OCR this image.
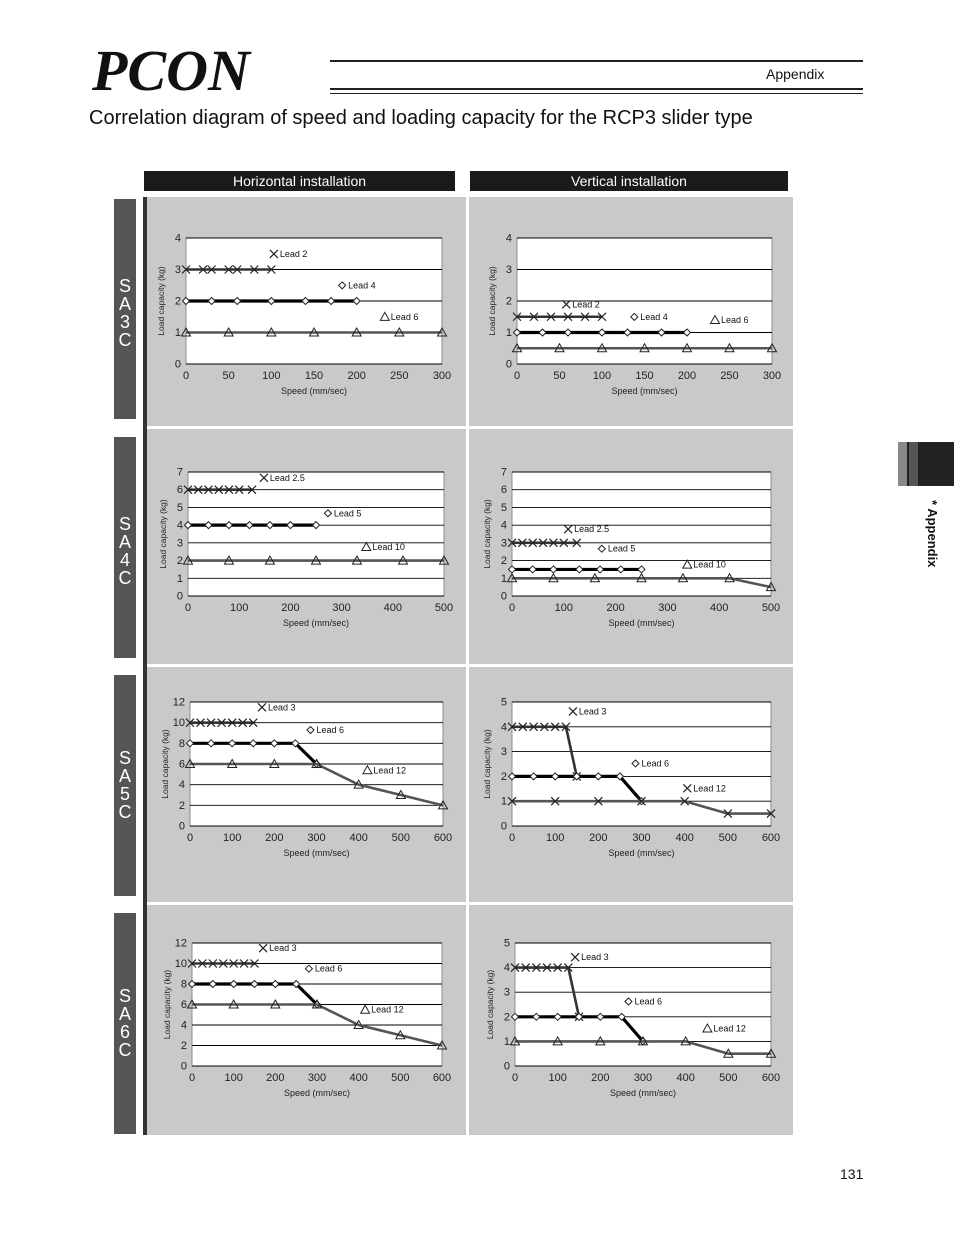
PCON	Appendix
Correlation diagram of speed and loading capacity for the RCP3 slider type
Horizontal installation	Vertical installation
S
A
3
C
S
A
4
C
S
A
5
C
S
A
6
C
0
1
2
3
4
0	50 100 150 200 250 300
Speed (mm/sec)
Load capacity (kg)
Lead 2
Lead 4
Lead 6
0
1
2
3
4
0	50 100 150 200 250 300
Speed (mm/sec)
Load capacity (kg)	Lead 2
Lead 4	Lead 6
0
1
2
3
4
5
6
7
0	100	200	300	400	500
Speed (mm/sec)
Load capacity (kg)
Lead 2.5
Lead 5
Lead 10
0
1
2
3
4
5
6
7
0	100	200	300	400	500
Speed (mm/sec)
Load capacity (kg)	Lead 2.5
Lead 5
Lead 10
0
2
4
6
8
10
12
0	100 200 300 400 500 600
Speed (mm/sec)
Load capacity (kg)
Lead 3
Lead 6
Lead 12
0
1
2
3
4
5
0	100 200 300 400 500 600
Speed (mm/sec)
Load capacity (kg)
Lead 3
Lead 6
Lead 12
0
2
4
6
8
10
12
0	100 200 300 400 500 600
Speed (mm/sec)
Load capacity (kg)
Lead 3
Lead 6
Lead 12
0
1
2
3
4
5
0	100 200 300 400 500 600
Speed (mm/sec)
Load capacity (kg)
Lead 3
Lead 6
Lead 12
* Appendix
131
